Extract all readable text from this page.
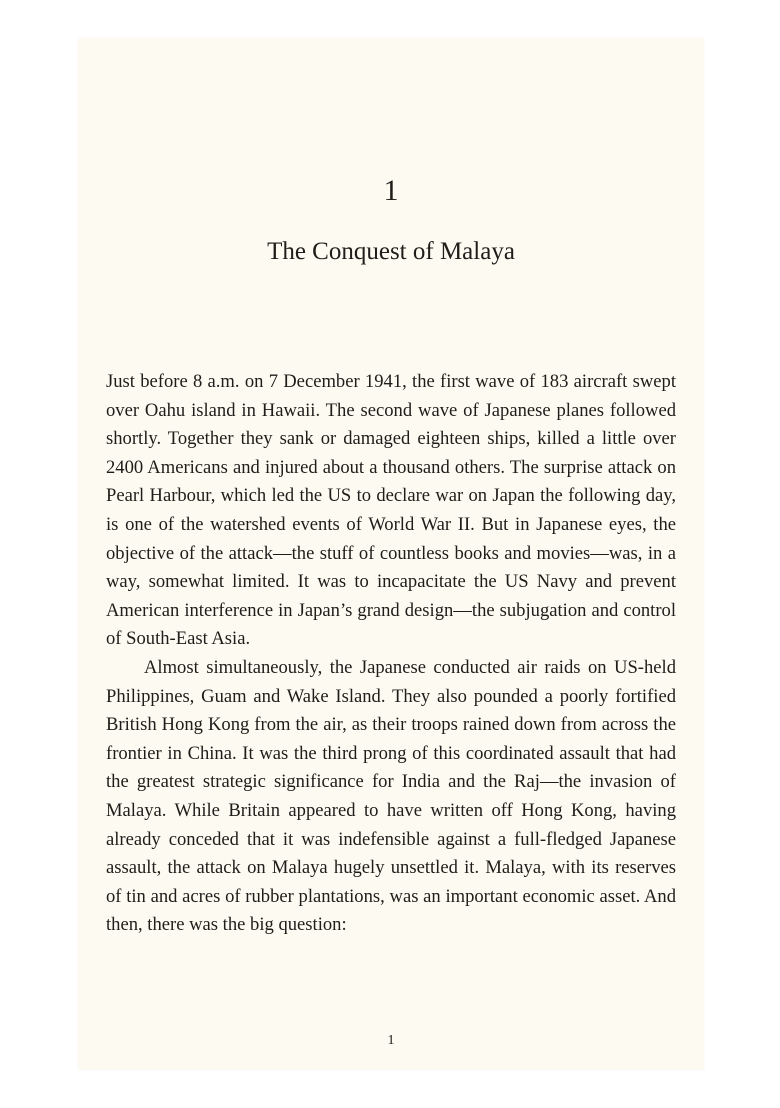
1
The Conquest of Malaya

Just before 8 a.m. on 7 December 1941, the first wave of 183 aircraft swept over Oahu island in Hawaii. The second wave of Japanese planes followed shortly. Together they sank or damaged eighteen ships, killed a little over 2400 Americans and injured about a thousand others. The surprise attack on Pearl Harbour, which led the US to declare war on Japan the following day, is one of the watershed events of World War II. But in Japanese eyes, the objective of the attack—the stuff of countless books and movies—was, in a way, somewhat limited. It was to incapacitate the US Navy and prevent American interference in Japan’s grand design—the subjugation and control of South-East Asia.

Almost simultaneously, the Japanese conducted air raids on US-held Philippines, Guam and Wake Island. They also pounded a poorly fortified British Hong Kong from the air, as their troops rained down from across the frontier in China. It was the third prong of this coordinated assault that had the greatest strategic significance for India and the Raj—the invasion of Malaya. While Britain appeared to have written off Hong Kong, having already conceded that it was indefensible against a full-fledged Japanese assault, the attack on Malaya hugely unsettled it. Malaya, with its reserves of tin and acres of rubber plantations, was an important economic asset. And then, there was the big question:

1
